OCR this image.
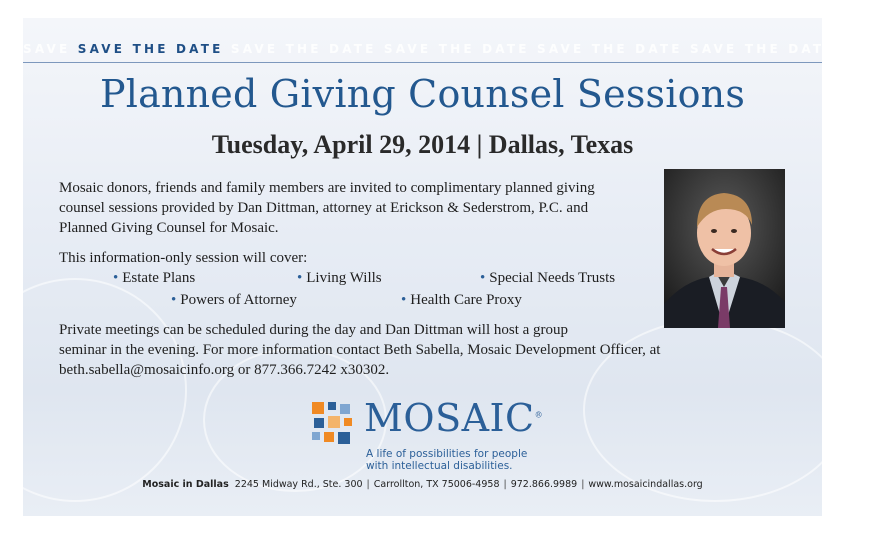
SAVE SAVE THE DATE SAVE THE DATE SAVE THE DATE SAVE THE DATE SAVE THE DATE SAVE
Planned Giving Counsel Sessions
Tuesday, April 29, 2014 | Dallas, Texas
Mosaic donors, friends and family members are invited to complimentary planned giving
counsel sessions provided by Dan Dittman, attorney at Erickson & Sederstrom, P.C. and
Planned Giving Counsel for Mosaic.
This information-only session will cover:
• Estate Plans	• Living Wills	• Special Needs Trusts
• Powers of Attorney	• Health Care Proxy
Private meetings can be scheduled during the day and Dan Dittman will host a group
seminar in the evening. For more information contact Beth Sabella, Mosaic Development Officer, at
beth.sabella@mosaicinfo.org or 877.366.7242 x30302.
MOSAIC®
A life of possibilities for people
with intellectual disabilities.
Mosaic in Dallas 2245 Midway Rd., Ste. 300 | Carrollton, TX 75006-4958 | 972.866.9989 | www.mosaicindallas.org
